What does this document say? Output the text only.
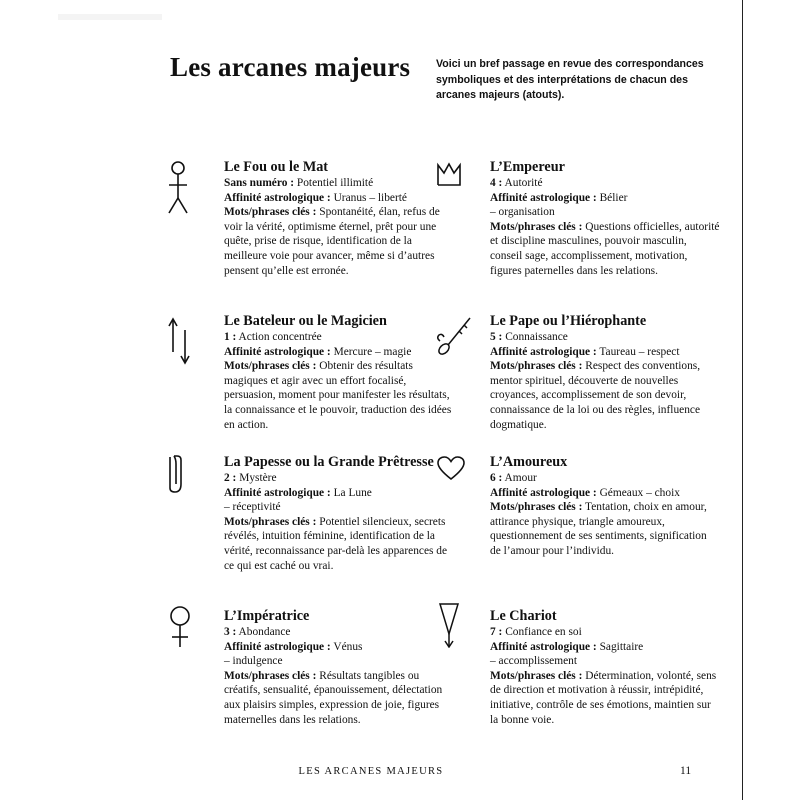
Les arcanes majeurs Voici un bref passage en revue des correspondances symboliques et des interprétations de chacun des arcanes majeurs (atouts).
Le Fou ou le Mat
Sans numéro : Potentiel illimité
Affinité astrologique : Uranus – liberté
Mots/phrases clés : Spontanéité, élan, refus de voir la vérité, optimisme éternel, prêt pour une quête, prise de risque, identification de la meilleure voie pour avancer, même si d’autres pensent qu’elle est erronée.
L’Empereur
4 : Autorité
Affinité astrologique : Bélier
– organisation
Mots/phrases clés : Questions officielles, autorité et discipline masculines, pouvoir masculin, conseil sage, accomplissement, motivation, figures paternelles dans les relations.
Le Bateleur ou le Magicien
1 : Action concentrée
Affinité astrologique : Mercure – magie
Mots/phrases clés : Obtenir des résultats magiques et agir avec un effort focalisé, persuasion, moment pour manifester les résultats, la connaissance et le pouvoir, traduction des idées en action.
Le Pape ou l’Hiérophante
5 : Connaissance
Affinité astrologique : Taureau – respect
Mots/phrases clés : Respect des conventions, mentor spirituel, découverte de nouvelles croyances, accomplissement de son devoir, connaissance de la loi ou des règles, influence dogmatique.
La Papesse ou la Grande Prêtresse
2 : Mystère
Affinité astrologique : La Lune
– réceptivité
Mots/phrases clés : Potentiel silencieux, secrets révélés, intuition féminine, identification de la vérité, reconnaissance par-delà les apparences de ce qui est caché ou vrai.
L’Amoureux
6 : Amour
Affinité astrologique : Gémeaux – choix
Mots/phrases clés : Tentation, choix en amour, attirance physique, triangle amoureux, questionnement de ses sentiments, signification de l’amour pour l’individu.
L’Impératrice
3 : Abondance
Affinité astrologique : Vénus
– indulgence
Mots/phrases clés : Résultats tangibles ou créatifs, sensualité, épanouissement, délectation aux plaisirs simples, expression de joie, figures maternelles dans les relations.
Le Chariot
7 : Confiance en soi
Affinité astrologique : Sagittaire
– accomplissement
Mots/phrases clés : Détermination, volonté, sens de direction et motivation à réussir, intrépidité, initiative, contrôle de ses émotions, maintien sur la bonne voie.
LES ARCANES MAJEURS	11
